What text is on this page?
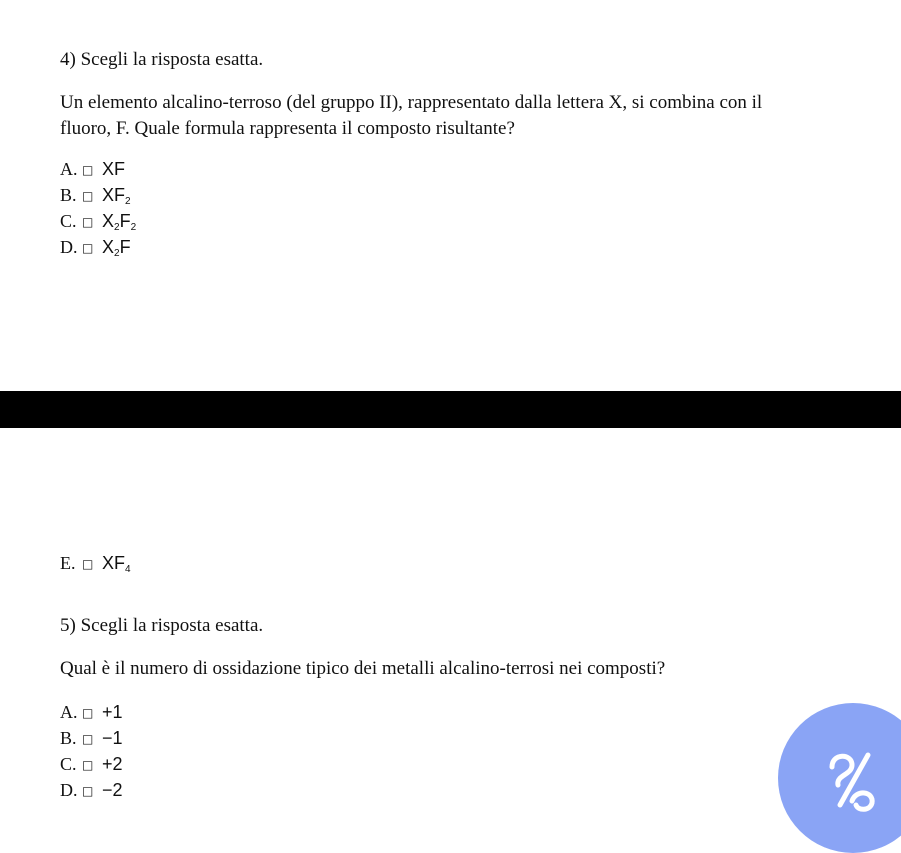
4) Scegli la risposta esatta.
Un elemento alcalino-terroso (del gruppo II), rappresentato dalla lettera X, si combina con il
fluoro, F. Quale formula rappresenta il composto risultante?
A. □ XF
B. □ $XF_2$
C. □ $X_2F_2$
D. □ $X_2F$
E. □ $XF_4$
5) Scegli la risposta esatta.
Qual è il numero di ossidazione tipico dei metalli alcalino-terrosi nei composti?
A. □ +1
B. □ −1
C. □ +2
D. □ −2
